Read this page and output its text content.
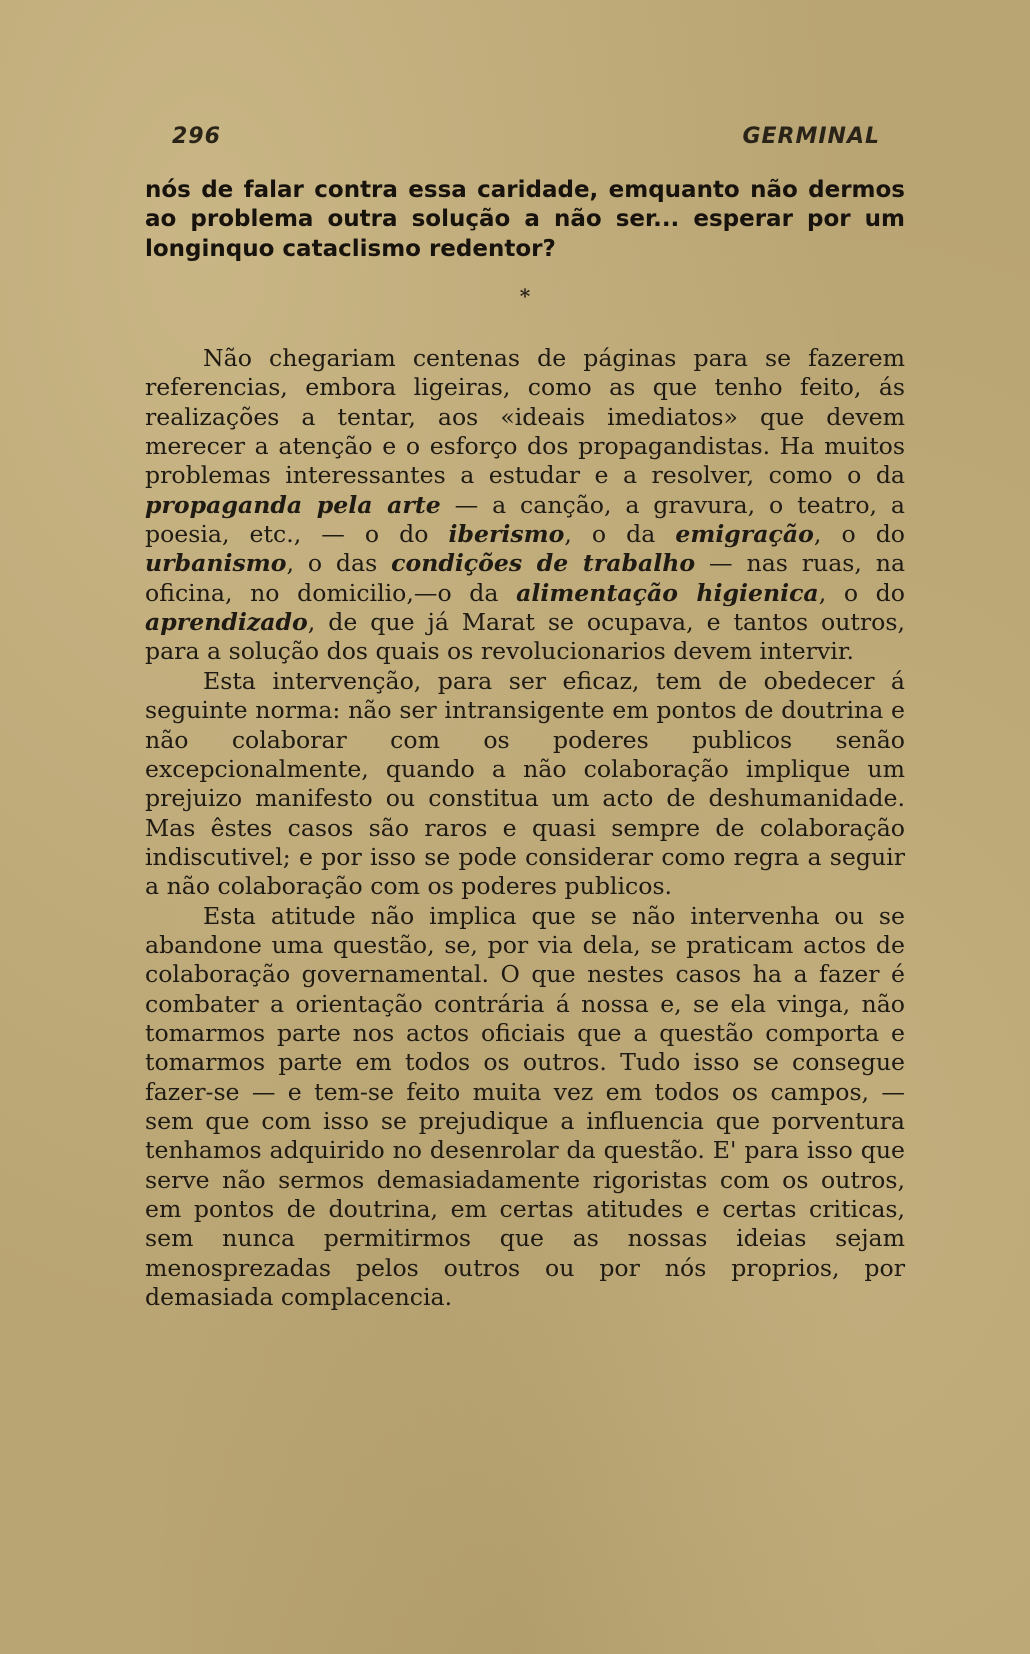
296	GERMINAL

nós de falar contra essa caridade, emquanto não dermos ao problema outra solução a não ser... esperar por um longinquo cataclismo redentor?

*

Não chegariam centenas de páginas para se fazerem referencias, embora ligeiras, como as que tenho feito, ás realizações a tentar, aos «ideais imediatos» que devem merecer a atenção e o esforço dos propagandistas. Ha muitos problemas interessantes a estudar e a resolver, como o da propaganda pela arte — a canção, a gravura, o teatro, a poesia, etc., — o do iberismo, o da emigração, o do urbanismo, o das condições de trabalho — nas ruas, na oficina, no domicilio,—o da alimentação higienica, o do aprendizado, de que já Marat se ocupava, e tantos outros, para a solução dos quais os revolucionarios devem intervir.

Esta intervenção, para ser eficaz, tem de obedecer á seguinte norma: não ser intransigente em pontos de doutrina e não colaborar com os poderes publicos senão excepcionalmente, quando a não colaboração implique um prejuizo manifesto ou constitua um acto de deshumanidade. Mas êstes casos são raros e quasi sempre de colaboração indiscutivel; e por isso se pode considerar como regra a seguir a não colaboração com os poderes publicos.

Esta atitude não implica que se não intervenha ou se abandone uma questão, se, por via dela, se praticam actos de colaboração governamental. O que nestes casos ha a fazer é combater a orientação contrária á nossa e, se ela vinga, não tomarmos parte nos actos oficiais que a questão comporta e tomarmos parte em todos os outros. Tudo isso se consegue fazer-se — e tem-se feito muita vez em todos os campos, — sem que com isso se prejudique a influencia que porventura tenhamos adquirido no desenrolar da questão. E' para isso que serve não sermos demasiadamente rigoristas com os outros, em pontos de doutrina, em certas atitudes e certas criticas, sem nunca permitirmos que as nossas ideias sejam menosprezadas pelos outros ou por nós proprios, por demasiada complacencia.
